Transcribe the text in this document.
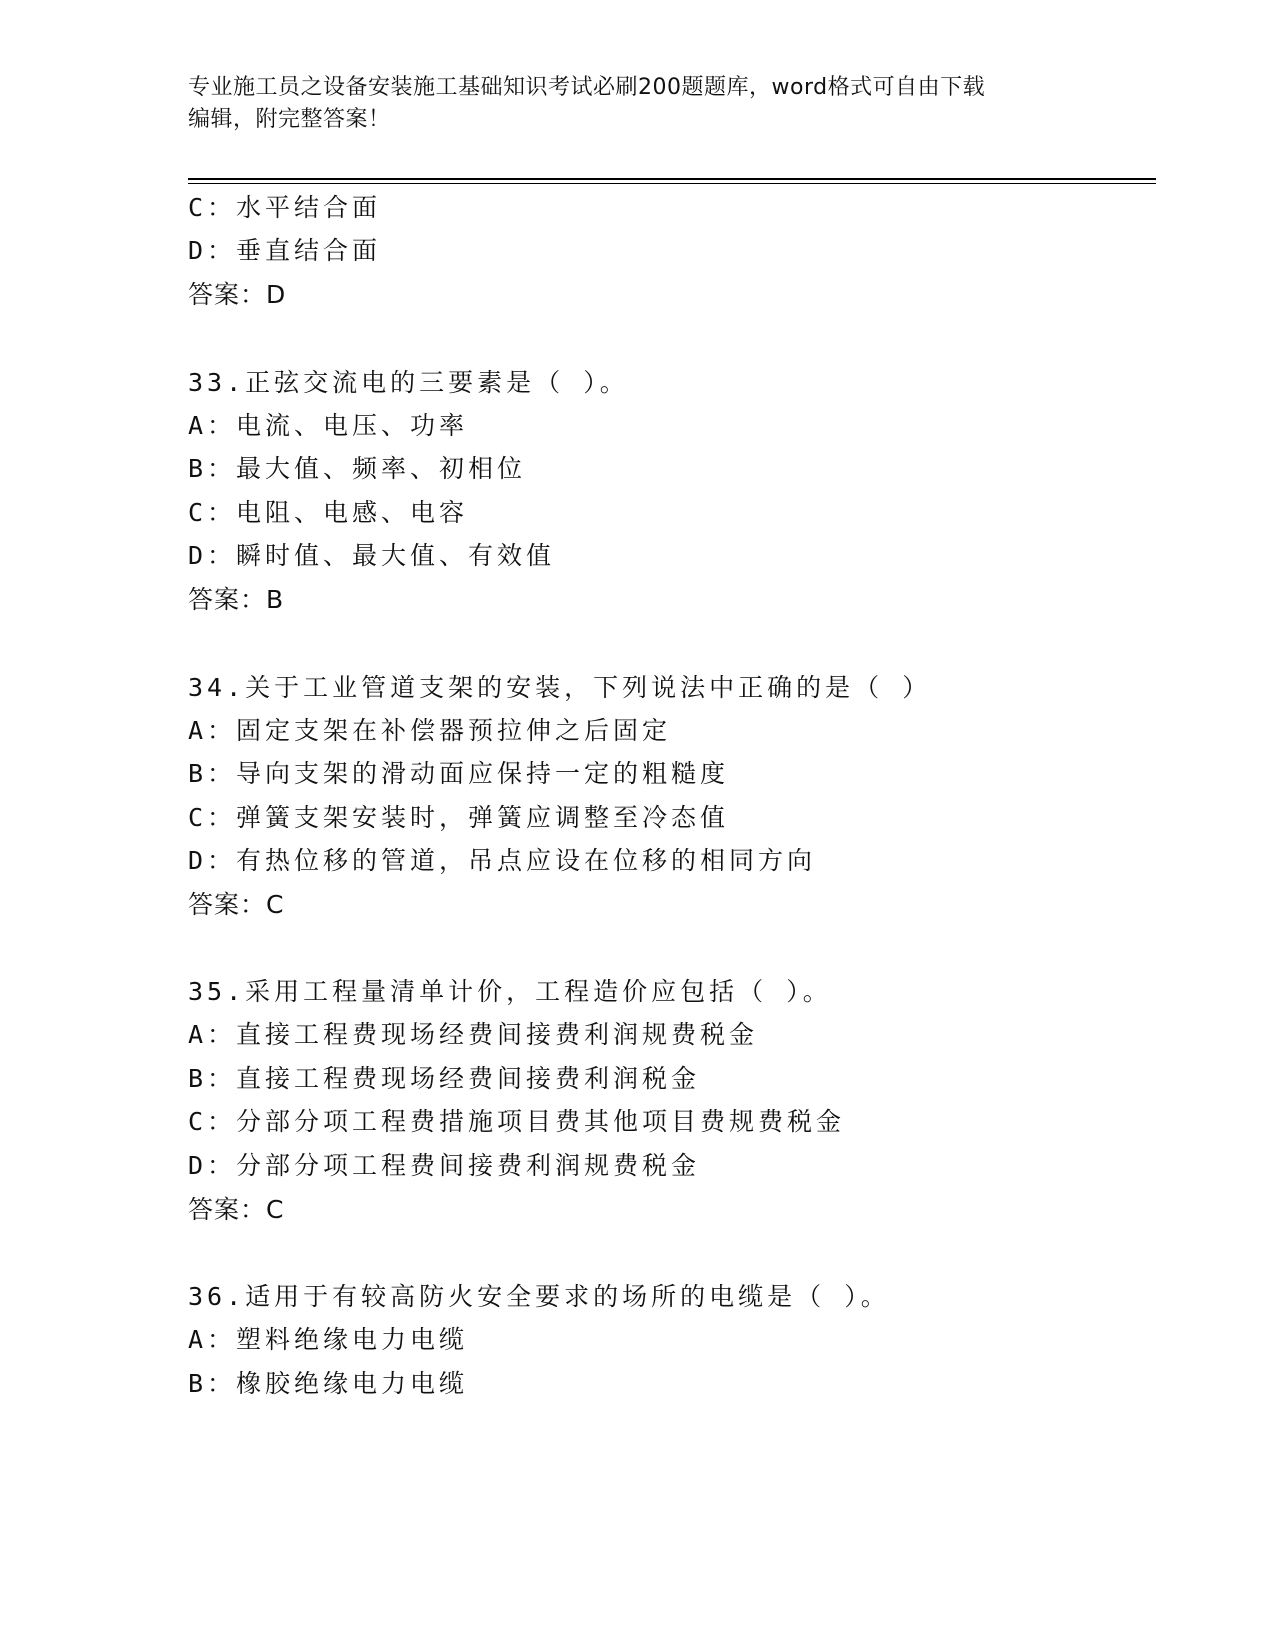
专业施工员之设备安装施工基础知识考试必刷200题题库，word格式可自由下载
编辑，附完整答案！
C：水平结合面
D：垂直结合面
答案：D
33.正弦交流电的三要素是（ ）。
A：电流、电压、功率
B：最大值、频率、初相位
C：电阻、电感、电容
D：瞬时值、最大值、有效值
答案：B
34.关于工业管道支架的安装，下列说法中正确的是（ ）
A：固定支架在补偿器预拉伸之后固定
B：导向支架的滑动面应保持一定的粗糙度
C：弹簧支架安装时，弹簧应调整至冷态值
D：有热位移的管道，吊点应设在位移的相同方向
答案：C
35.采用工程量清单计价，工程造价应包括（ ）。
A：直接工程费现场经费间接费利润规费税金
B：直接工程费现场经费间接费利润税金
C：分部分项工程费措施项目费其他项目费规费税金
D：分部分项工程费间接费利润规费税金
答案：C
36.适用于有较高防火安全要求的场所的电缆是（ ）。
A：塑料绝缘电力电缆
B：橡胶绝缘电力电缆
